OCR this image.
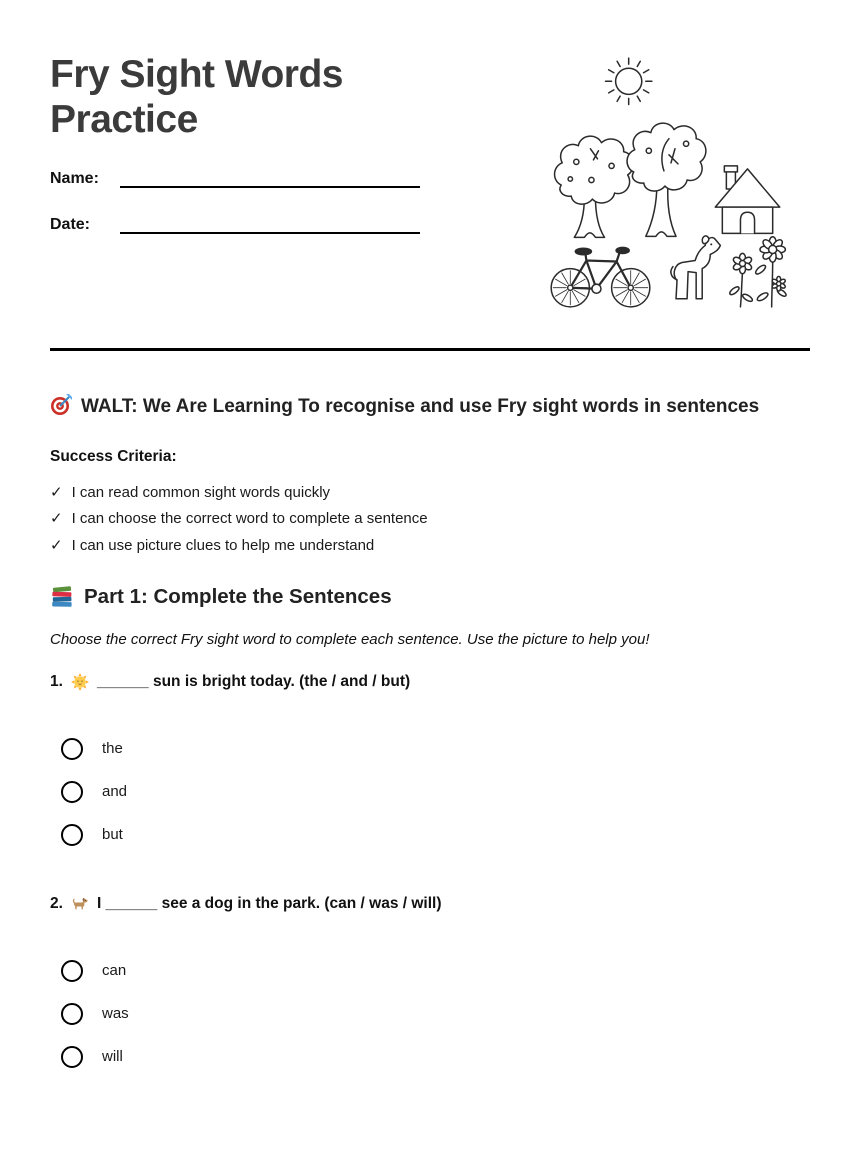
Fry Sight Words Practice
Name:
Date:
WALT: We Are Learning To recognise and use Fry sight words in sentences
Success Criteria:
✓ I can read common sight words quickly
✓ I can choose the correct word to complete a sentence
✓ I can use picture clues to help me understand
Part 1: Complete the Sentences
Choose the correct Fry sight word to complete each sentence. Use the picture to help you!
1. ______ sun is bright today. (the / and / but)
the
and
but
2. I ______ see a dog in the park. (can / was / will)
can
was
will
